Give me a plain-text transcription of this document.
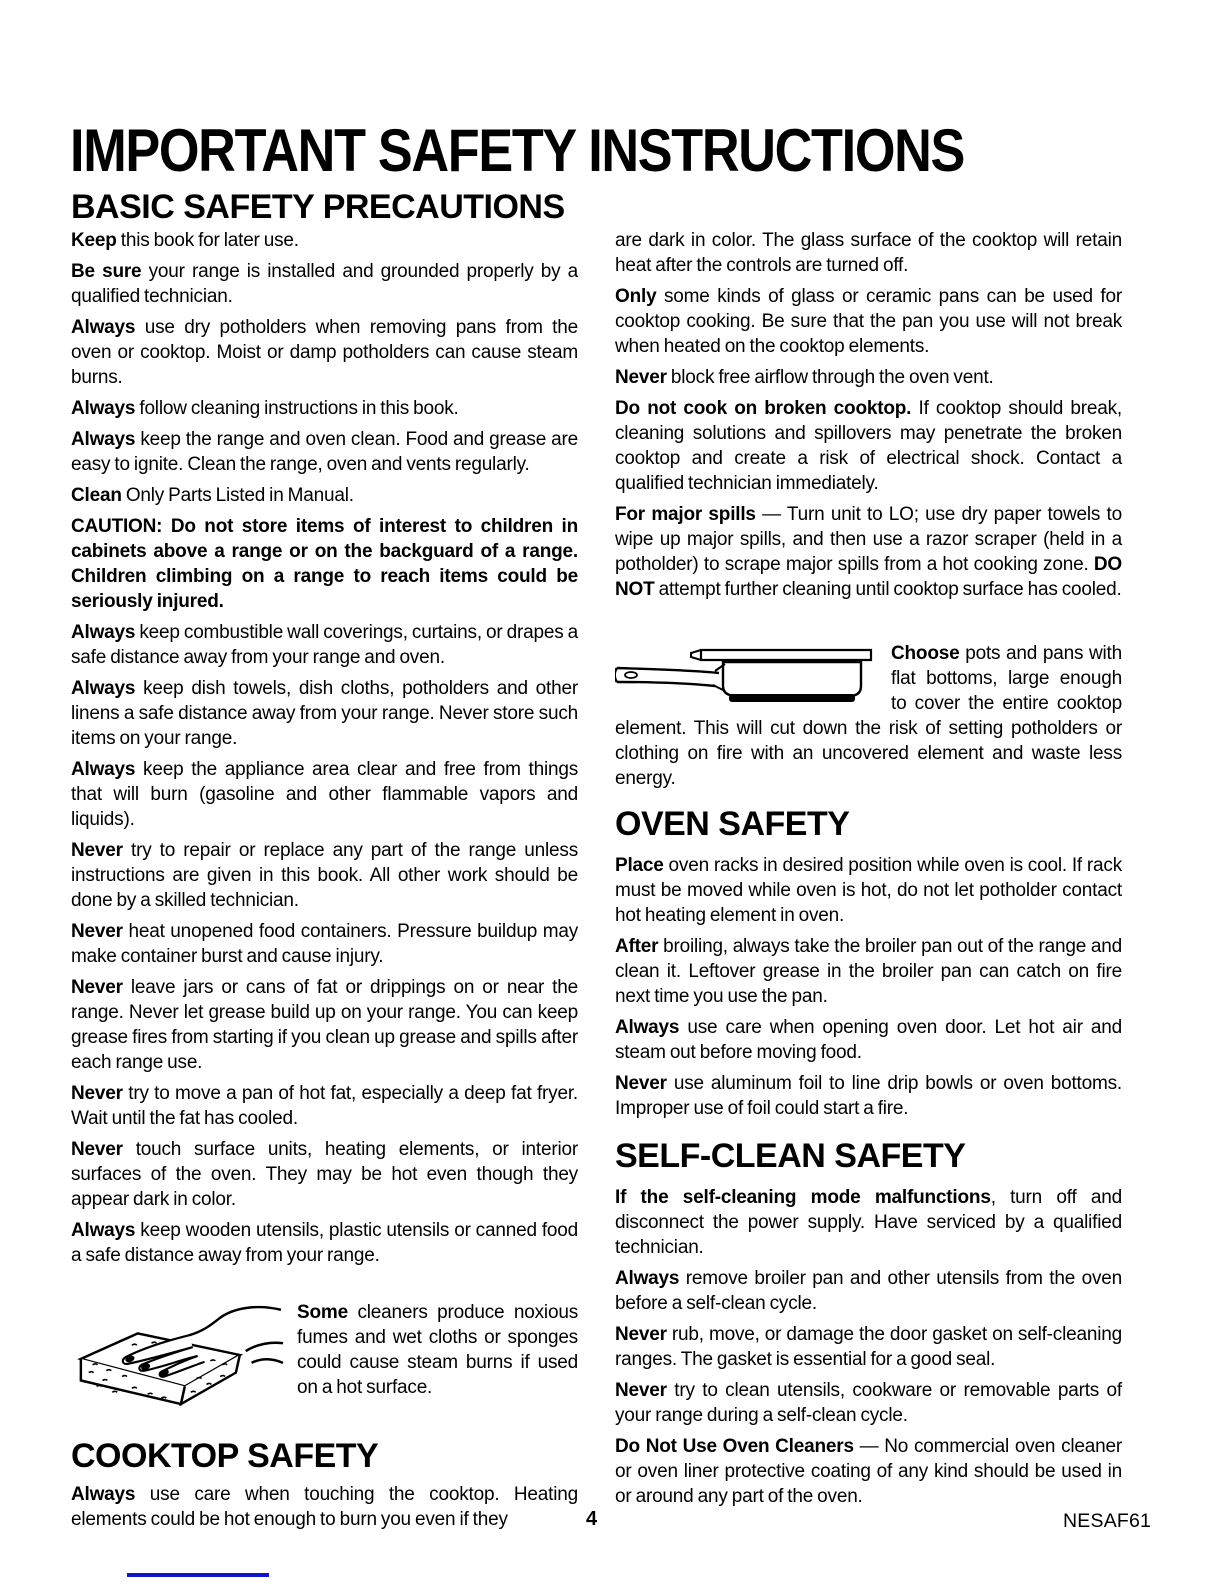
IMPORTANT SAFETY INSTRUCTIONS
BASIC SAFETY PRECAUTIONS

Keep this book for later use.

Be sure your range is installed and grounded properly by a qualified technician.

Always use dry potholders when removing pans from the oven or cooktop. Moist or damp potholders can cause steam burns.

Always follow cleaning instructions in this book.

Always keep the range and oven clean. Food and grease are easy to ignite. Clean the range, oven and vents regularly.

Clean Only Parts Listed in Manual.

CAUTION: Do not store items of interest to children in cabinets above a range or on the backguard of a range. Children climbing on a range to reach items could be seriously injured.

Always keep combustible wall coverings, curtains, or drapes a safe distance away from your range and oven.

Always keep dish towels, dish cloths, potholders and other linens a safe distance away from your range. Never store such items on your range.

Always keep the appliance area clear and free from things that will burn (gasoline and other flammable vapors and liquids).

Never try to repair or replace any part of the range unless instructions are given in this book. All other work should be done by a skilled technician.

Never heat unopened food containers. Pressure buildup may make container burst and cause injury.

Never leave jars or cans of fat or drippings on or near the range. Never let grease build up on your range. You can keep grease fires from starting if you clean up grease and spills after each range use.

Never try to move a pan of hot fat, especially a deep fat fryer. Wait until the fat has cooled.

Never touch surface units, heating elements, or interior surfaces of the oven. They may be hot even though they appear dark in color.

Always keep wooden utensils, plastic utensils or canned food a safe distance away from your range.

Some cleaners produce noxious fumes and wet cloths or sponges could cause steam burns if used on a hot surface.

COOKTOP SAFETY

Always use care when touching the cooktop. Heating elements could be hot enough to burn you even if they

are dark in color. The glass surface of the cooktop will retain heat after the controls are turned off.

Only some kinds of glass or ceramic pans can be used for cooktop cooking. Be sure that the pan you use will not break when heated on the cooktop elements.

Never block free airflow through the oven vent.

Do not cook on broken cooktop. If cooktop should break, cleaning solutions and spillovers may penetrate the broken cooktop and create a risk of electrical shock. Contact a qualified technician immediately.

For major spills — Turn unit to LO; use dry paper towels to wipe up major spills, and then use a razor scraper (held in a potholder) to scrape major spills from a hot cooking zone. DO NOT attempt further cleaning until cooktop surface has cooled.

Choose pots and pans with flat bottoms, large enough to cover the entire cooktop element. This will cut down the risk of setting potholders or clothing on fire with an uncovered element and waste less energy.

OVEN SAFETY

Place oven racks in desired position while oven is cool. If rack must be moved while oven is hot, do not let potholder contact hot heating element in oven.

After broiling, always take the broiler pan out of the range and clean it. Leftover grease in the broiler pan can catch on fire next time you use the pan.

Always use care when opening oven door. Let hot air and steam out before moving food.

Never use aluminum foil to line drip bowls or oven bottoms. Improper use of foil could start a fire.

SELF-CLEAN SAFETY

If the self-cleaning mode malfunctions, turn off and disconnect the power supply. Have serviced by a qualified technician.

Always remove broiler pan and other utensils from the oven before a self-clean cycle.

Never rub, move, or damage the door gasket on self-cleaning ranges. The gasket is essential for a good seal.

Never try to clean utensils, cookware or removable parts of your range during a self-clean cycle.

Do Not Use Oven Cleaners — No commercial oven cleaner or oven liner protective coating of any kind should be used in or around any part of the oven.

4	NESAF61
